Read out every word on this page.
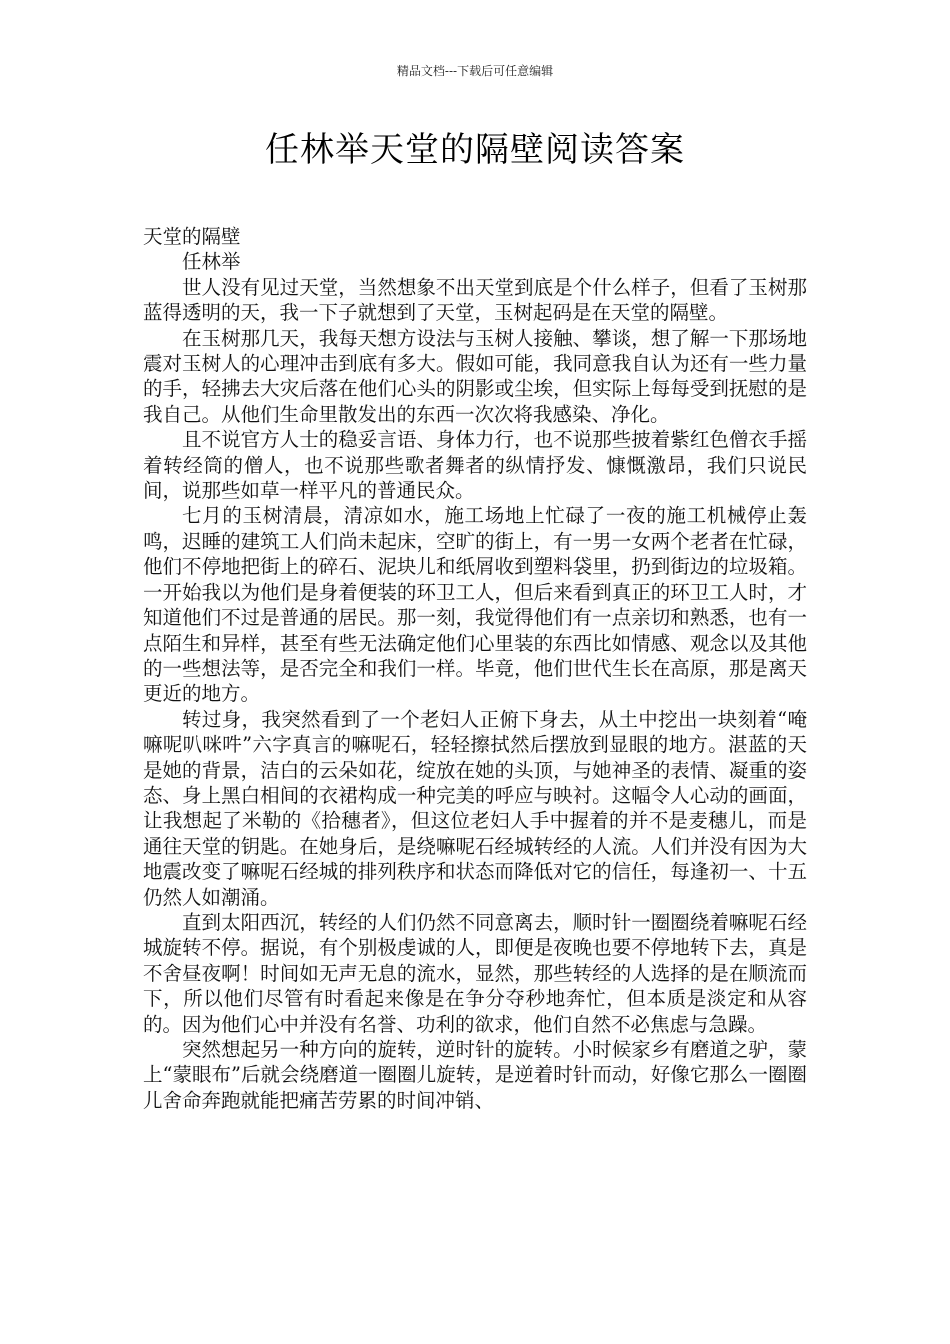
精品文档---下载后可任意编辑
任林举天堂的隔壁阅读答案

天堂的隔壁

任林举

世人没有见过天堂，当然想象不出天堂到底是个什么样子，但看了玉树那蓝得透明的天，我一下子就想到了天堂，玉树起码是在天堂的隔壁。

在玉树那几天，我每天想方设法与玉树人接触、攀谈，想了解一下那场地震对玉树人的心理冲击到底有多大。假如可能，我同意我自认为还有一些力量的手，轻拂去大灾后落在他们心头的阴影或尘埃，但实际上每每受到抚慰的是我自己。从他们生命里散发出的东西一次次将我感染、净化。

且不说官方人士的稳妥言语、身体力行，也不说那些披着紫红色僧衣手摇着转经筒的僧人，也不说那些歌者舞者的纵情抒发、慷慨激昂，我们只说民间，说那些如草一样平凡的普通民众。

七月的玉树清晨，清凉如水，施工场地上忙碌了一夜的施工机械停止轰鸣，迟睡的建筑工人们尚未起床，空旷的街上，有一男一女两个老者在忙碌，他们不停地把街上的碎石、泥块儿和纸屑收到塑料袋里，扔到街边的垃圾箱。一开始我以为他们是身着便装的环卫工人，但后来看到真正的环卫工人时，才知道他们不过是普通的居民。那一刻，我觉得他们有一点亲切和熟悉，也有一点陌生和异样，甚至有些无法确定他们心里装的东西比如情感、观念以及其他的一些想法等，是否完全和我们一样。毕竟，他们世代生长在高原，那是离天更近的地方。

转过身，我突然看到了一个老妇人正俯下身去，从土中挖出一块刻着“唵嘛呢叭咪吽”六字真言的嘛呢石，轻轻擦拭然后摆放到显眼的地方。湛蓝的天是她的背景，洁白的云朵如花，绽放在她的头顶，与她神圣的表情、凝重的姿态、身上黑白相间的衣裙构成一种完美的呼应与映衬。这幅令人心动的画面，让我想起了米勒的《拾穗者》，但这位老妇人手中握着的并不是麦穗儿，而是通往天堂的钥匙。在她身后，是绕嘛呢石经城转经的人流。人们并没有因为大地震改变了嘛呢石经城的排列秩序和状态而降低对它的信任，每逢初一、十五仍然人如潮涌。

直到太阳西沉，转经的人们仍然不同意离去，顺时针一圈圈绕着嘛呢石经城旋转不停。据说，有个别极虔诚的人，即便是夜晚也要不停地转下去，真是不舍昼夜啊！时间如无声无息的流水，显然，那些转经的人选择的是在顺流而下，所以他们尽管有时看起来像是在争分夺秒地奔忙，但本质是淡定和从容的。因为他们心中并没有名誉、功利的欲求，他们自然不必焦虑与急躁。

突然想起另一种方向的旋转，逆时针的旋转。小时候家乡有磨道之驴，蒙上“蒙眼布”后就会绕磨道一圈圈儿旋转，是逆着时针而动，好像它那么一圈圈儿舍命奔跑就能把痛苦劳累的时间冲销、
